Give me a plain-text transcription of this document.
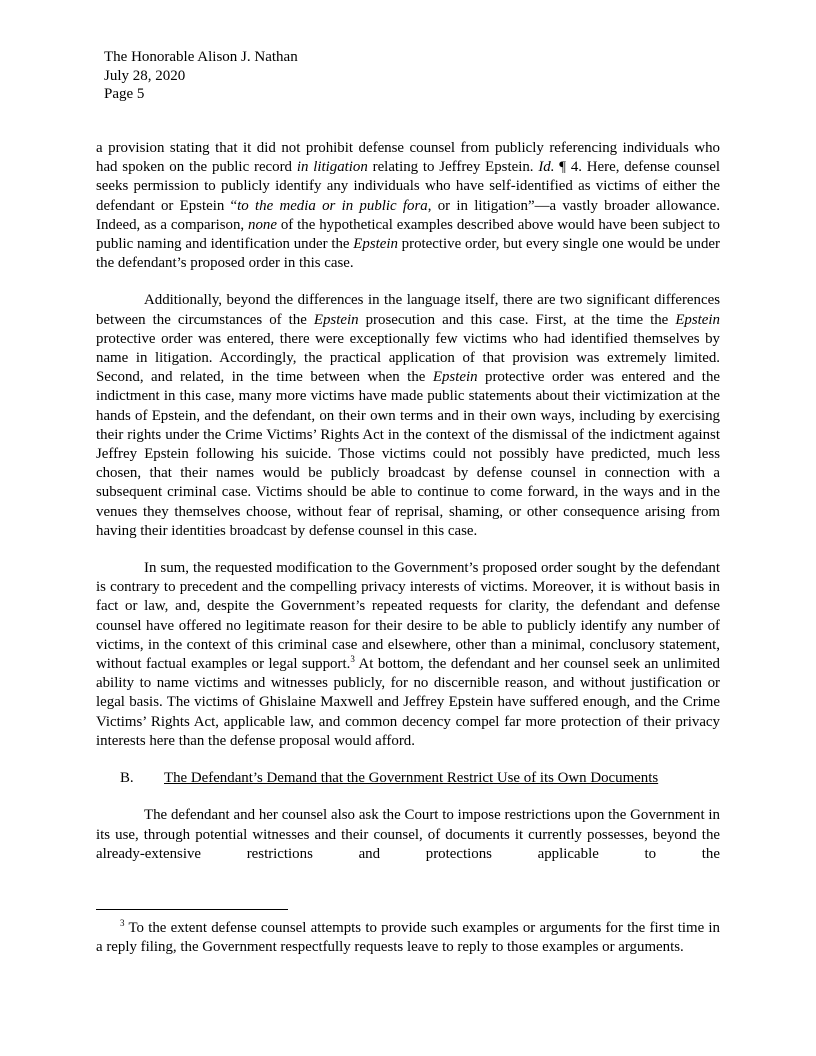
The Honorable Alison J. Nathan
July 28, 2020
Page 5

a provision stating that it did not prohibit defense counsel from publicly referencing individuals who had spoken on the public record in litigation relating to Jeffrey Epstein. Id. ¶ 4. Here, defense counsel seeks permission to publicly identify any individuals who have self-identified as victims of either the defendant or Epstein “to the media or in public fora, or in litigation”—a vastly broader allowance. Indeed, as a comparison, none of the hypothetical examples described above would have been subject to public naming and identification under the Epstein protective order, but every single one would be under the defendant’s proposed order in this case.

Additionally, beyond the differences in the language itself, there are two significant differences between the circumstances of the Epstein prosecution and this case. First, at the time the Epstein protective order was entered, there were exceptionally few victims who had identified themselves by name in litigation. Accordingly, the practical application of that provision was extremely limited. Second, and related, in the time between when the Epstein protective order was entered and the indictment in this case, many more victims have made public statements about their victimization at the hands of Epstein, and the defendant, on their own terms and in their own ways, including by exercising their rights under the Crime Victims’ Rights Act in the context of the dismissal of the indictment against Jeffrey Epstein following his suicide. Those victims could not possibly have predicted, much less chosen, that their names would be publicly broadcast by defense counsel in connection with a subsequent criminal case. Victims should be able to continue to come forward, in the ways and in the venues they themselves choose, without fear of reprisal, shaming, or other consequence arising from having their identities broadcast by defense counsel in this case.

In sum, the requested modification to the Government’s proposed order sought by the defendant is contrary to precedent and the compelling privacy interests of victims. Moreover, it is without basis in fact or law, and, despite the Government’s repeated requests for clarity, the defendant and defense counsel have offered no legitimate reason for their desire to be able to publicly identify any number of victims, in the context of this criminal case and elsewhere, other than a minimal, conclusory statement, without factual examples or legal support.$^3$ At bottom, the defendant and her counsel seek an unlimited ability to name victims and witnesses publicly, for no discernible reason, and without justification or legal basis. The victims of Ghislaine Maxwell and Jeffrey Epstein have suffered enough, and the Crime Victims’ Rights Act, applicable law, and common decency compel far more protection of their privacy interests here than the defense proposal would afford.

B. The Defendant’s Demand that the Government Restrict Use of its Own Documents

The defendant and her counsel also ask the Court to impose restrictions upon the Government in its use, through potential witnesses and their counsel, of documents it currently possesses, beyond the already-extensive restrictions and protections applicable to the

$^3$ To the extent defense counsel attempts to provide such examples or arguments for the first time in a reply filing, the Government respectfully requests leave to reply to those examples or arguments.
